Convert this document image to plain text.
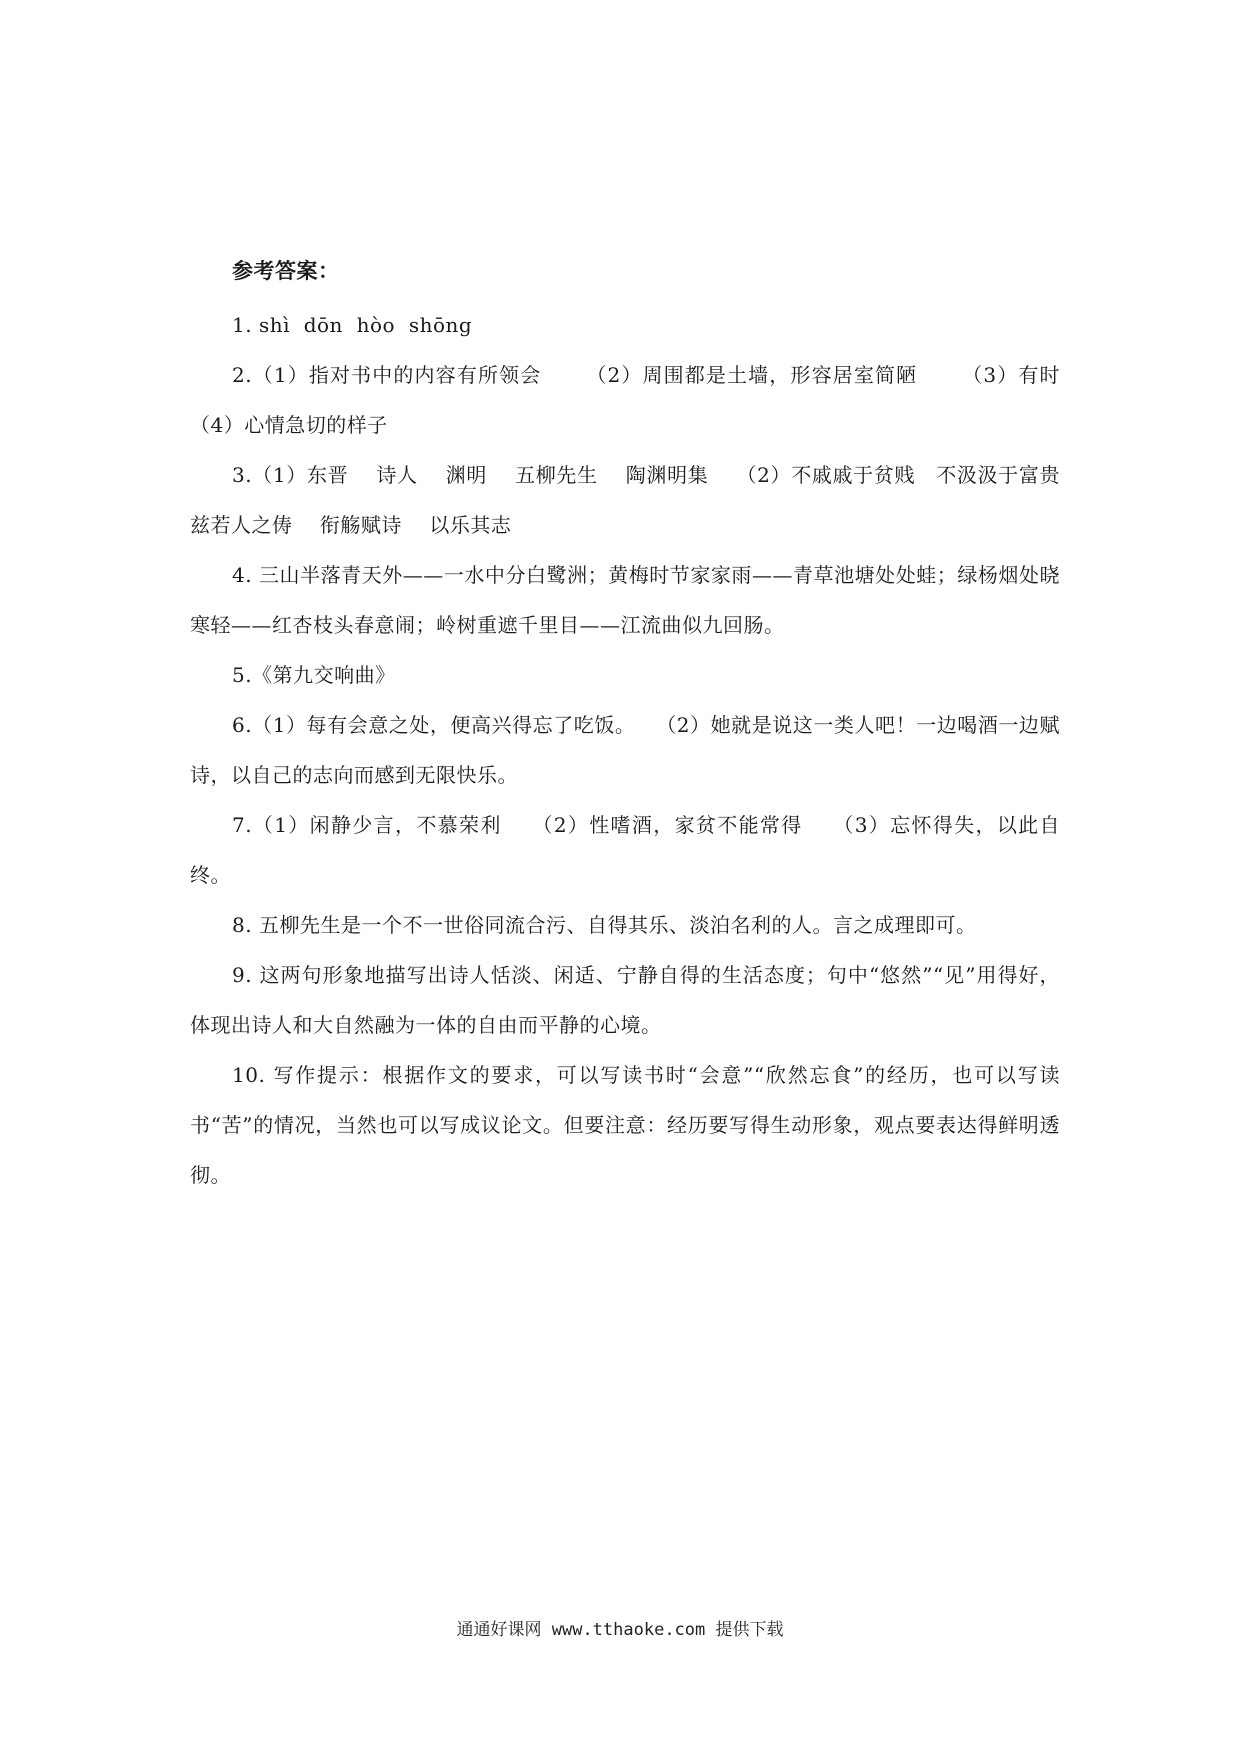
参考答案：

1. shì  dōn  hòo  shōng

2.（1）指对书中的内容有所领会      （2）周围都是土墙，形容居室简陋      （3）有时      （4）心情急切的样子

3.（1）东晋    诗人    渊明    五柳先生    陶渊明集    （2）不戚戚于贫贱   不汲汲于富贵    兹若人之俦    衔觞赋诗    以乐其志

4. 三山半落青天外——一水中分白鹭洲；黄梅时节家家雨——青草池塘处处蛙；绿杨烟处晓寒轻——红杏枝头春意闹；岭树重遮千里目——江流曲似九回肠。

5.《第九交响曲》

6.（1）每有会意之处，便高兴得忘了吃饭。   （2）她就是说这一类人吧！一边喝酒一边赋诗，以自己的志向而感到无限快乐。

7.（1）闲静少言，不慕荣利    （2）性嗜酒，家贫不能常得    （3）忘怀得失，以此自终。

8. 五柳先生是一个不一世俗同流合污、自得其乐、淡泊名利的人。言之成理即可。

9. 这两句形象地描写出诗人恬淡、闲适、宁静自得的生活态度；句中“悠然”“见”用得好，体现出诗人和大自然融为一体的自由而平静的心境。

10. 写作提示：根据作文的要求，可以写读书时“会意”“欣然忘食”的经历，也可以写读书“苦”的情况，当然也可以写成议论文。但要注意：经历要写得生动形象，观点要表达得鲜明透彻。

通通好课网 www.tthaoke.com 提供下载
